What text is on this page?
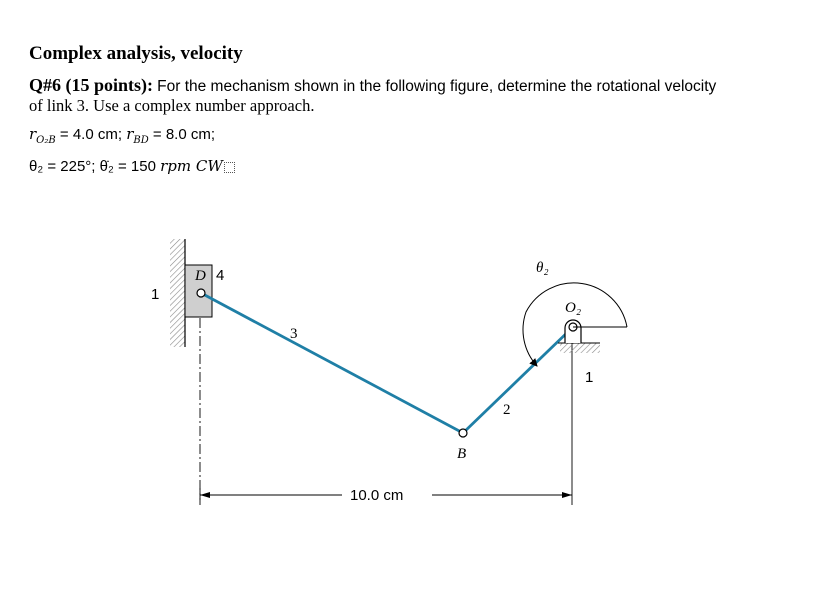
Complex analysis, velocity
Q#6 (15 points): For the mechanism shown in the following figure, determine the rotational velocity
of link 3. Use a complex number approach.
$r_{O_2B} = 4.0$ cm; $r_{BD} = 8.0$ cm;
θ₂ = 225°; θ̇₂ = 150 rpm CW
1
D 4
3
2
B
θ₂
O₂
1
10.0 cm
